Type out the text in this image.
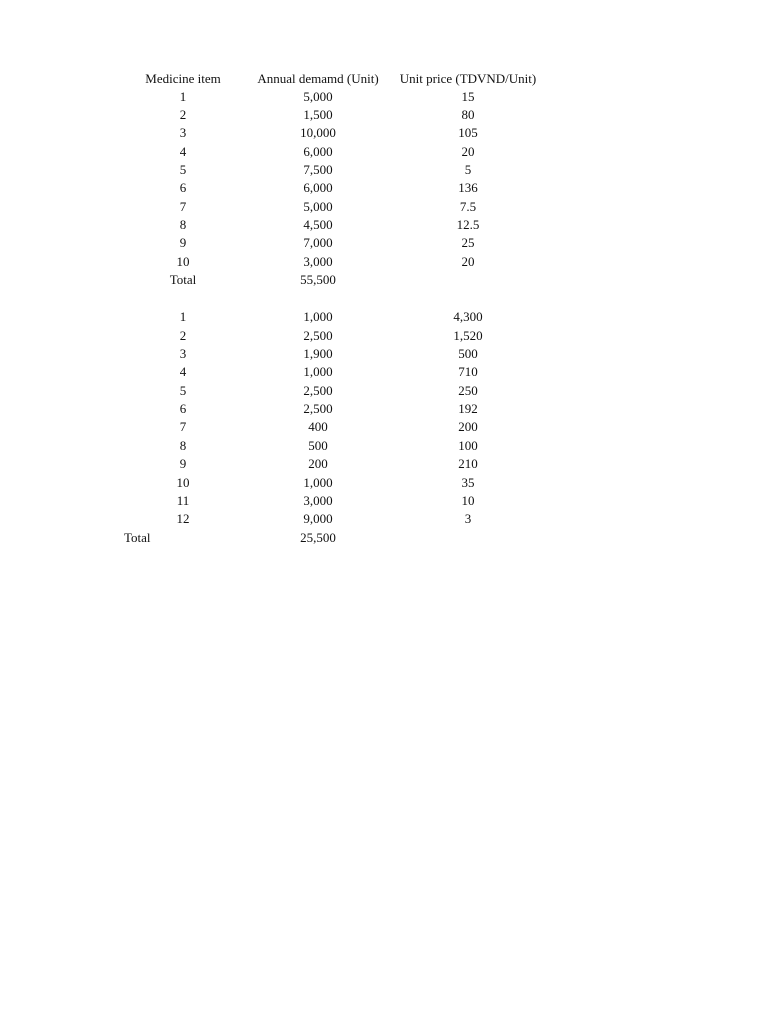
Medicine item	Annual demamd (Unit)	Unit price (TDVND/Unit)
1	5,000	15
2	1,500	80
3	10,000	105
4	6,000	20
5	7,500	5
6	6,000	136
7	5,000	7.5
8	4,500	12.5
9	7,000	25
10	3,000	20
Total	55,500
1	1,000	4,300
2	2,500	1,520
3	1,900	500
4	1,000	710
5	2,500	250
6	2,500	192
7	400	200
8	500	100
9	200	210
10	1,000	35
11	3,000	10
12	9,000	3
Total	25,500
